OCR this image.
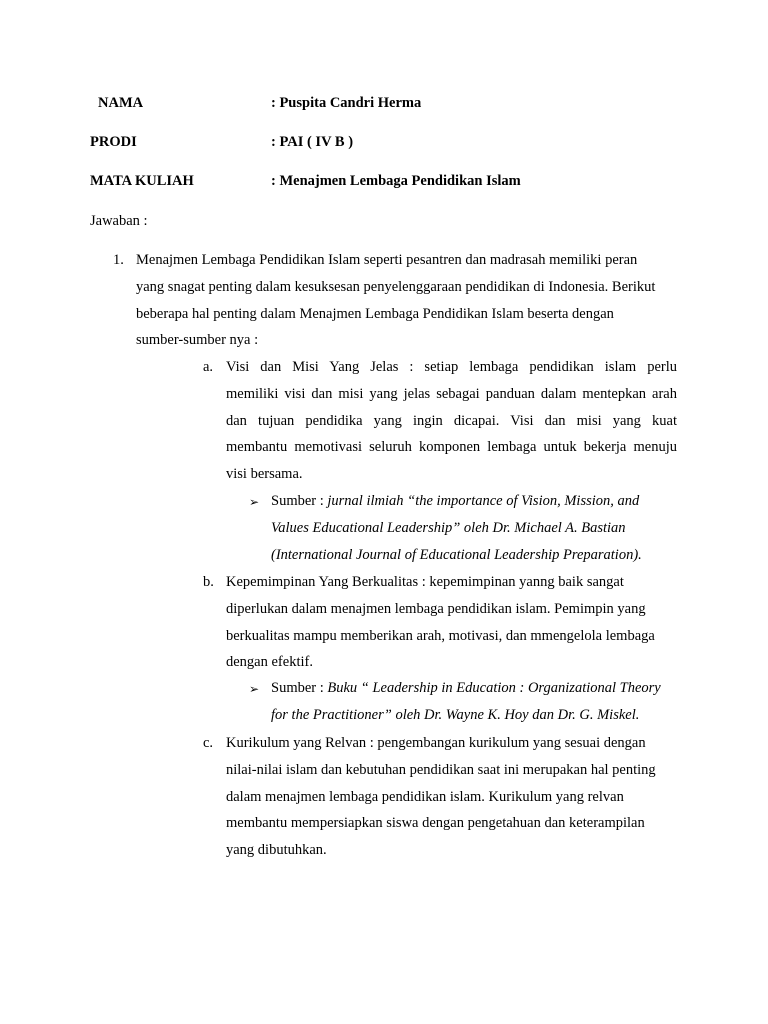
NAMA	: Puspita Candri Herma
PRODI	: PAI ( IV B )
MATA KULIAH	: Menajmen Lembaga Pendidikan Islam
Jawaban :
1. Menajmen Lembaga Pendidikan Islam seperti pesantren dan madrasah memiliki peran
yang snagat penting dalam kesuksesan penyelenggaraan pendidikan di Indonesia. Berikut
beberapa hal penting dalam Menajmen Lembaga Pendidikan Islam beserta dengan
sumber-sumber nya :
a. Visi dan Misi Yang Jelas : setiap lembaga pendidikan islam perlu
memiliki visi dan misi yang jelas sebagai panduan dalam mentepkan arah
dan tujuan pendidika yang ingin dicapai. Visi dan misi yang kuat
membantu memotivasi seluruh komponen lembaga untuk bekerja menuju
visi bersama.
➢ Sumber : jurnal ilmiah “the importance of Vision, Mission, and
Values Educational Leadership” oleh Dr. Michael A. Bastian
(International Journal of Educational Leadership Preparation).
b. Kepemimpinan Yang Berkualitas : kepemimpinan yanng baik sangat
diperlukan dalam menajmen lembaga pendidikan islam. Pemimpin yang
berkualitas mampu memberikan arah, motivasi, dan mmengelola lembaga
dengan efektif.
➢ Sumber : Buku “ Leadership in Education : Organizational Theory
for the Practitioner” oleh Dr. Wayne K. Hoy dan Dr. G. Miskel.
c. Kurikulum yang Relvan : pengembangan kurikulum yang sesuai dengan
nilai-nilai islam dan kebutuhan pendidikan saat ini merupakan hal penting
dalam menajmen lembaga pendidikan islam. Kurikulum yang relvan
membantu mempersiapkan siswa dengan pengetahuan dan keterampilan
yang dibutuhkan.
